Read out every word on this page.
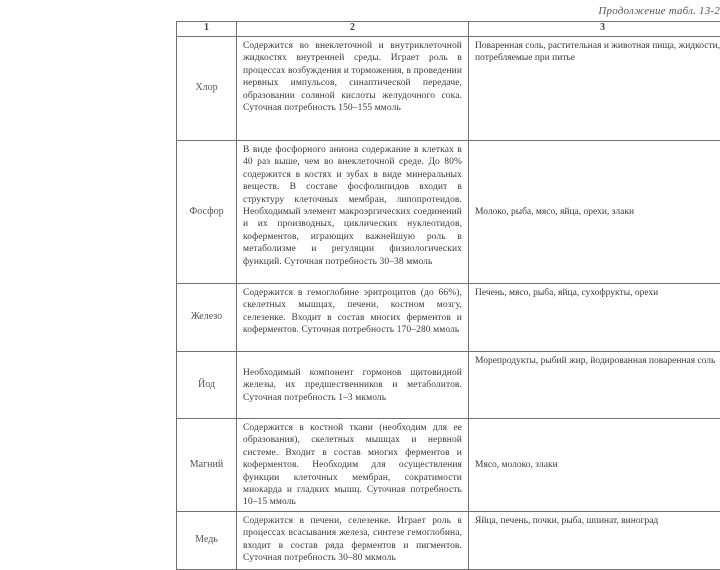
Продолжение табл. 13-2
1	2	3
Хлор	Содержится во внеклеточной и внутриклеточной жидкостях внутренней среды. Играет роль в процессах возбуждения и торможения, в проведении нервных импульсов, синаптической передаче, образовании соляной кислоты желудочного сока. Суточная потребность 150–155 ммоль	Поваренная соль, растительная и животная пища, жидкости, потребляемые при питье
Фосфор	В виде фосфорного аниона содержание в клетках в 40 раз выше, чем во внеклеточной среде. До 80% содержится в костях и зубах в виде минеральных веществ. В составе фосфолипидов входит в структуру клеточных мембран, липопротеидов. Необходимый элемент макроэргических соединений и их производных, циклических нуклеотидов, коферментов, играющих важнейшую роль в метаболизме и регуляции физиологических функций. Суточная потребность 30–38 ммоль	Молоко, рыба, мясо, яйца, орехи, злаки
Железо	Содержится в гемоглобине эритроцитов (до 66%), скелетных мышцах, печени, костном мозгу, селезенке. Входит в состав многих ферментов и коферментов. Суточная потребность 170–280 ммоль	Печень, мясо, рыба, яйца, сухофрукты, орехи
Йод	Необходимый компонент гормонов щитовидной железы, их предшественников и метаболитов. Суточная потребность 1–3 мкмоль	Морепродукты, рыбий жир, йодированная поваренная соль
Магний	Содержится в костной ткани (необходим для ее образования), скелетных мышцах и нервной системе. Входит в состав многих ферментов и коферментов. Необходим для осуществления функции клеточных мембран, сократимости миокарда и гладких мышц. Суточная потребность 10–15 ммоль	Мясо, молоко, злаки
Медь	Содержится в печени, селезенке. Играет роль в процессах всасывания железа, синтезе гемоглобина, входит в состав ряда ферментов и пигментов. Суточная потребность 30–80 мкмоль	Яйца, печень, почки, рыба, шпинат, виноград
